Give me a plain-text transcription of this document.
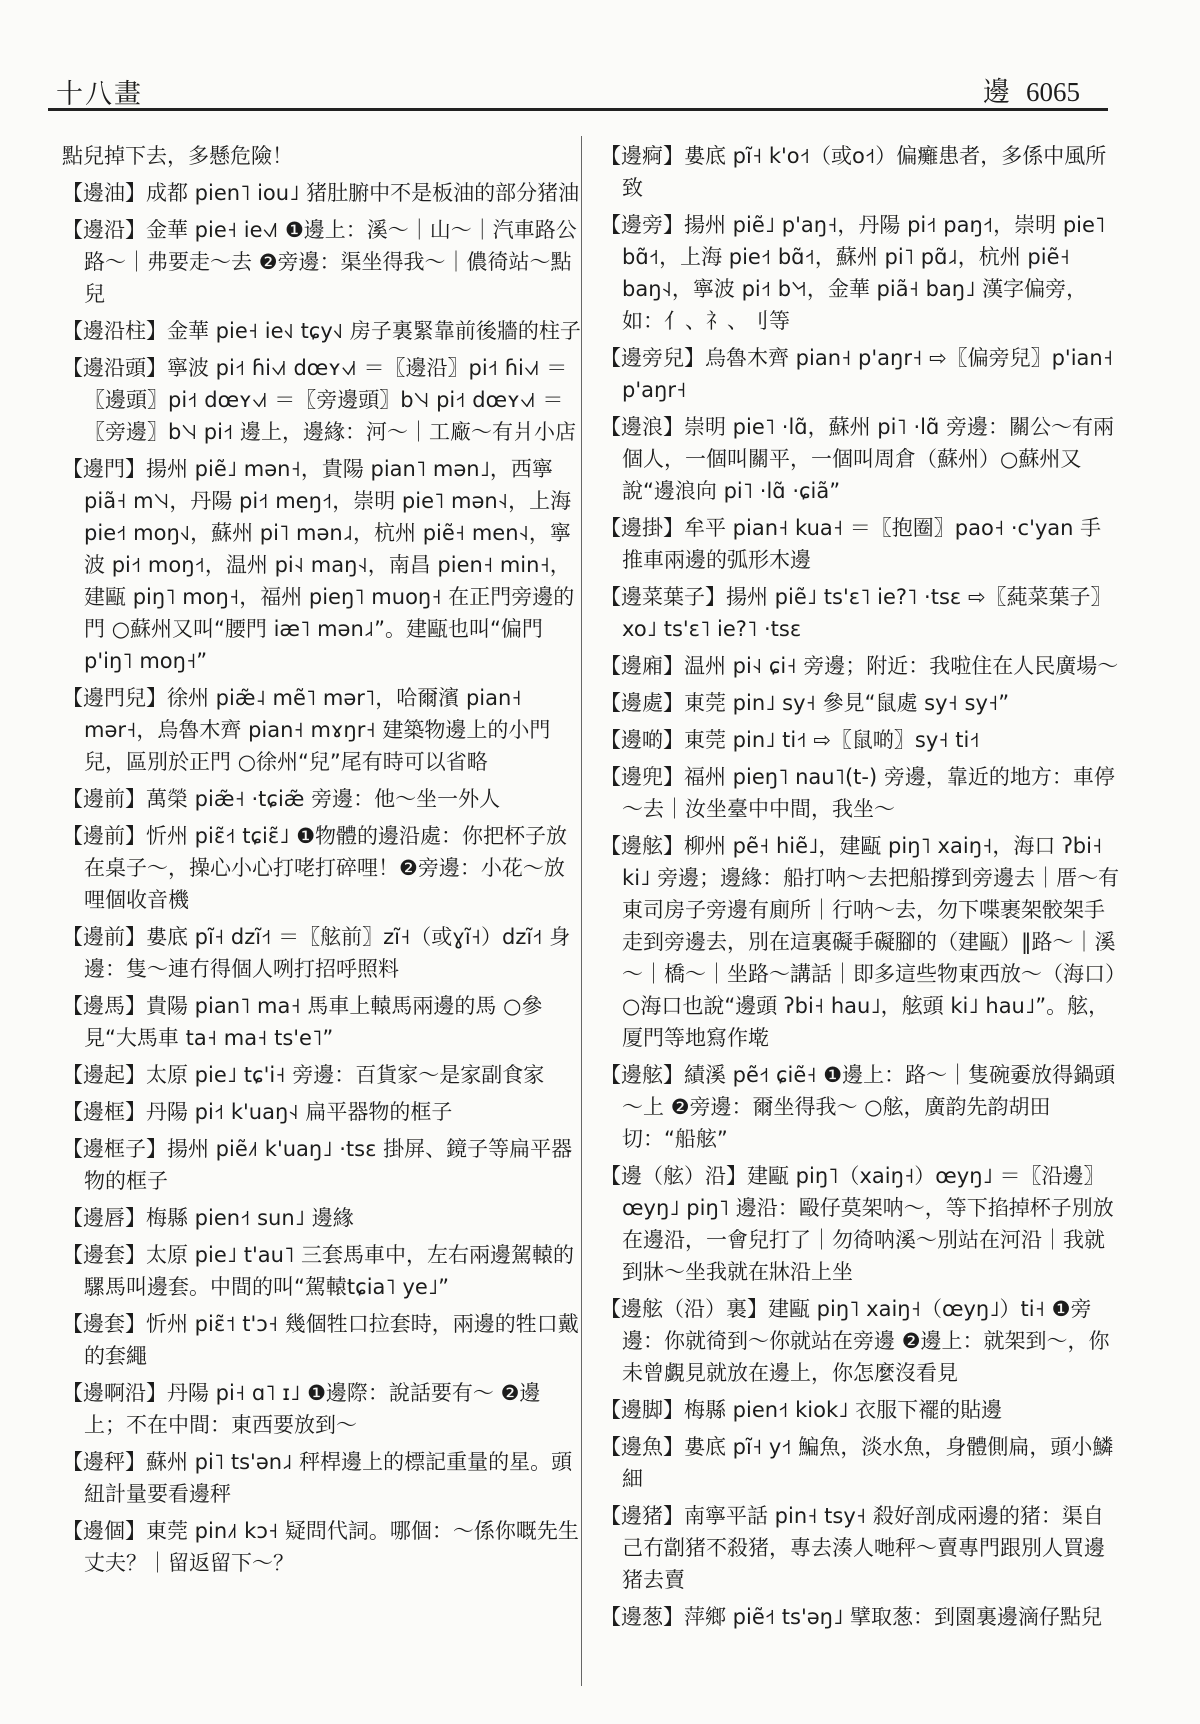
十八畫	邊 6065

點兒掉下去，多懸危險！

【邊油】成都 pien˥ iou˩ 猪肚腑中不是板油的部分猪油

【邊沿】金華 pie˧ ie˧˩˥ ❶邊上：溪～｜山～｜汽車路公路～｜弗要走～去 ❷旁邊：渠坐得我～｜儂徛站～點兒

【邊沿柱】金華 pie˧ ie˧˩ tɕy˧˩ 房子裏緊靠前後牆的柱子

【邊沿頭】寧波 pi˧˦ ɦi˧˩˦ dœʏ˧˩˦ ＝〖邊沿〗pi˧˦ ɦi˧˩˦ ＝〖邊頭〗pi˧˦ dœʏ˧˩˦ ＝〖旁邊頭〗b˥˧˨ pi˧˦ dœʏ˧˩˦ ＝〖旁邊〗b˥˧˨ pi˧˦ 邊上，邊緣：河～｜工廠～有爿小店

【邊門】揚州 piẽ˩ mən˧，貴陽 pian˥ mən˩，西寧 piã˧ m˥˧˨，丹陽 pi˧˦ meŋ˧˦，崇明 pie˥ mən˧˨，上海 pie˧˦ moŋ˧˩，蘇州 pi˥ mən˩˨，杭州 piẽ˧ men˧˨，寧波 pi˧˦ moŋ˧˦，温州 pi˧˨ maŋ˧˨，南昌 pien˧ min˧，建甌 piŋ˥ moŋ˧，福州 pieŋ˥ muoŋ˧ 在正門旁邊的門 ○蘇州又叫“腰門 iæ˥ mən˩˨”。建甌也叫“偏門 p'iŋ˥ moŋ˧”

【邊門兒】徐州 piæ̃˨ mẽ˥ mər˥，哈爾濱 pian˧ mər˧，烏魯木齊 pian˧ mɤŋr˧ 建築物邊上的小門兒，區別於正門 ○徐州“兒”尾有時可以省略

【邊前】萬榮 piæ̃˧ ·tɕiæ̃ 旁邊：他～坐一外人

【邊前】忻州 piɛ̃˧˦ tɕiɛ̃˩ ❶物體的邊沿處：你把杯子放在桌子～，操心小心打咾打碎哩！❷旁邊：小花～放哩個收音機

【邊前】婁底 pĩ˧ dzĩ˧˦ ＝〖舷前〗zĩ˧（或ɣĩ˧）dzĩ˧˦ 身邊：隻～連冇得個人咧打招呼照料

【邊馬】貴陽 pian˥ ma˧ 馬車上轅馬兩邊的馬 ○參見“大馬車 ta˧ ma˧ ts'e˥”

【邊起】太原 pie˩ tɕ'i˧ 旁邊：百貨家～是家副食家

【邊框】丹陽 pi˧˦ k'uaŋ˧˨ 扁平器物的框子

【邊框子】揚州 piẽ˩˦ k'uaŋ˩ ·tsɛ 掛屏、鏡子等扁平器物的框子

【邊唇】梅縣 pien˧˦ sun˩ 邊緣

【邊套】太原 pie˩ t'au˥ 三套馬車中，左右兩邊駕轅的騾馬叫邊套。中間的叫“駕轅tɕia˥ ye˩”

【邊套】忻州 piɛ̃˦ t'ɔ˧ 幾個牲口拉套時，兩邊的牲口戴的套繩

【邊啊沿】丹陽 pi˧ ɑ˥ ɪ˩ ❶邊際：說話要有～ ❷邊上；不在中間：東西要放到～

【邊秤】蘇州 pi˥ ts'ən˩˨ 秤桿邊上的標記重量的星。頭紐計量要看邊秤

【邊個】東莞 pin˩˦ kɔ˧ 疑問代詞。哪個：～係你嘅先生丈夫？｜留返留下～？

【邊痾】婁底 pĩ˧ k'o˧˦（或o˧˦）偏癱患者，多係中風所致

【邊旁】揚州 piẽ˩ p'aŋ˧，丹陽 pi˧˦ paŋ˧˦，崇明 pie˥ bɑ̃˧˦，上海 pie˧˦ bɑ̃˧˦，蘇州 pi˥ pɑ̃˩˨，杭州 piẽ˧ baŋ˧˨，寧波 pi˧˦ b˥˧˦，金華 piã˧ baŋ˩ 漢字偏旁，如：亻、礻、刂等

【邊旁兒】烏魯木齊 pian˧ p'aŋr˧ ⇨〖偏旁兒〗p'ian˧ p'aŋr˧

【邊浪】崇明 pie˥ ·lɑ̃，蘇州 pi˥ ·lɑ̃ 旁邊：關公～有兩個人，一個叫關平，一個叫周倉（蘇州）○蘇州又說“邊浪向 pi˥ ·lɑ̃ ·ɕiã”

【邊掛】牟平 pian˧ kua˧ ＝〖抱圈〗pao˧ ·c'yan 手推車兩邊的弧形木邊

【邊菜葉子】揚州 piẽ˩ ts'ɛ˥ ie?˥ ·tsɛ ⇨〖蒓菜葉子〗xo˩ ts'ɛ˥ ie?˥ ·tsɛ

【邊廂】温州 pi˧˨ ɕi˧ 旁邊；附近：我啦住在人民廣場～

【邊處】東莞 pin˩ sy˧ 參見“鼠處 sy˧ sy˧”

【邊啲】東莞 pin˩ ti˧˦ ⇨〖鼠啲〗sy˧ ti˧˦

【邊兜】福州 pieŋ˥ nau˥(t-) 旁邊，靠近的地方：車停～去｜汝坐臺中中間，我坐～

【邊舷】柳州 pẽ˧ hiẽ˩，建甌 piŋ˥ xaiŋ˧，海口 ʔbi˧ ki˩ 旁邊；邊緣：船打呐～去把船撐到旁邊去｜厝～有東司房子旁邊有廁所｜行呐～去，勿下喋裹架骹架手走到旁邊去，別在這裏礙手礙腳的（建甌）‖路～｜溪～｜橋～｜坐路～講話｜即多這些物東西放～（海口）○海口也說“邊頭 ʔbi˧ hau˩，舷頭 ki˩ hau˩”。舷，厦門等地寫作墘

【邊舷】績溪 pẽ˧˦ ɕiẽ˧ ❶邊上：路～｜隻碗嫑放得鍋頭～上 ❷旁邊：爾坐得我～ ○舷，廣韵先韵胡田切：“船舷”

【邊（舷）沿】建甌 piŋ˥（xaiŋ˧）œyŋ˩ ＝〖沿邊〗œyŋ˩ piŋ˥ 邊沿：毆仔莫架呐～，等下掐掉杯子別放在邊沿，一會兒打了｜勿徛呐溪～別站在河沿｜我就到牀～坐我就在牀沿上坐

【邊舷（沿）裏】建甌 piŋ˥ xaiŋ˧（œyŋ˩）ti˧ ❶旁邊：你就徛到～你就站在旁邊 ❷邊上：就架到～，你未曾覷見就放在邊上，你怎麼沒看見

【邊脚】梅縣 pien˧˦ kiok˩ 衣服下襬的貼邊

【邊魚】婁底 pĩ˧ y˧˦ 鯿魚，淡水魚，身體側扁，頭小鱗細

【邊猪】南寧平話 pin˧ tsy˧ 殺好剖成兩邊的猪：渠自己冇劏猪不殺猪，專去湊人哋秤～賣專門跟別人買邊猪去賣

【邊葱】萍鄉 piẽ˧˦ ts'əŋ˩ 擘取葱：到園裏邊滴仔點兒
